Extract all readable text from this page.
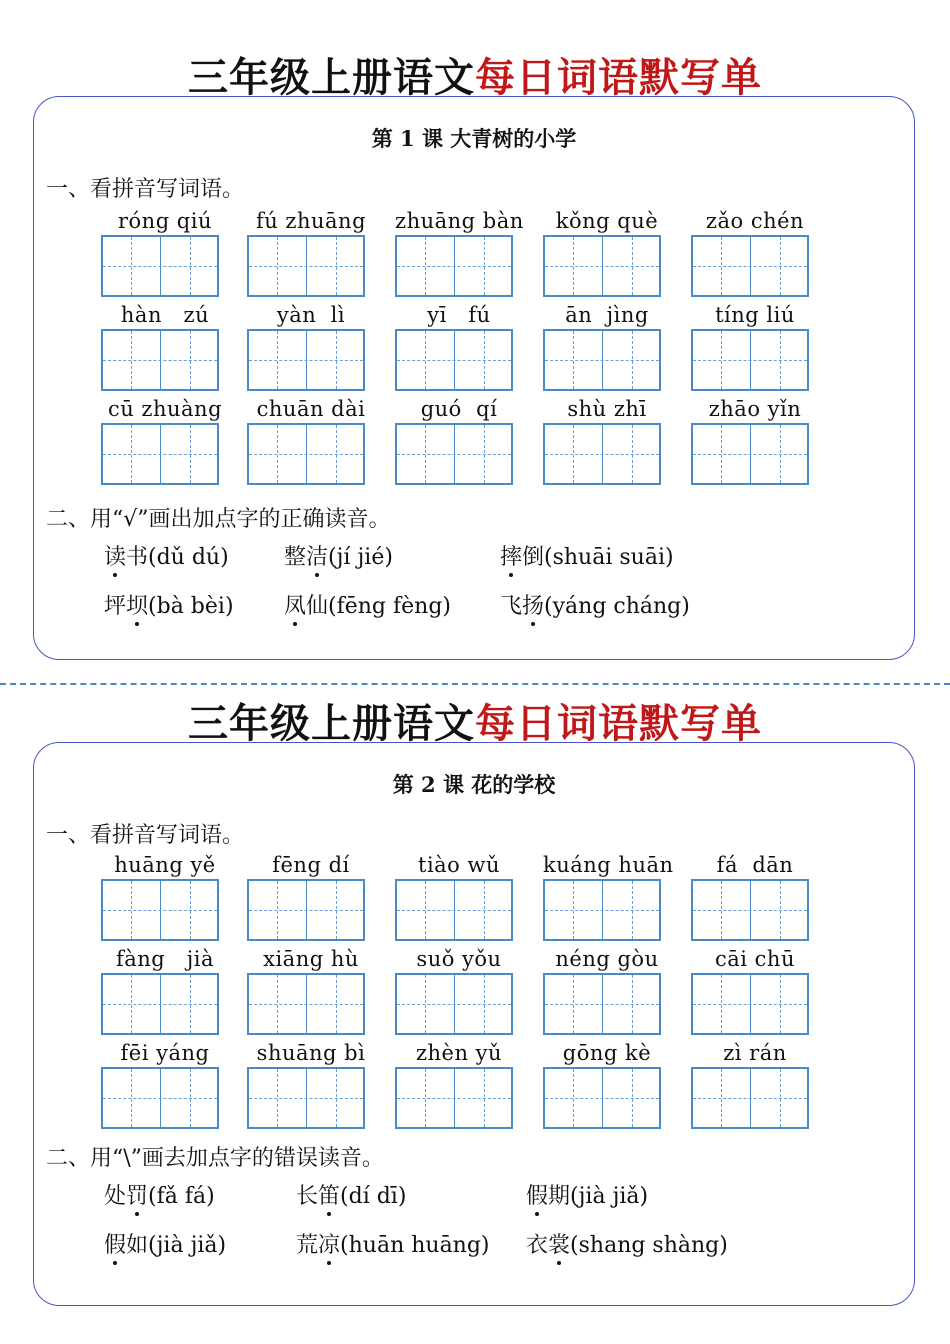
三年级上册语文每日词语默写单
第 1 课 大青树的小学
一、看拼音写词语。
róng qiú	fú zhuāng	zhuāng bàn	kǒng què	zǎo chén
hàn   zú	yàn  lì	yī   fú	ān  jìng	tíng liú
cū zhuàng	chuān dài	guó  qí	shù zhī	zhāo yǐn
二、用“√”画出加点字的正确读音。
读书(dǔ dú)	整洁(jí jié)	摔倒(shuāi suāi)
坪坝(bà bèi) 凤仙(fēng fèng) 飞扬(yáng cháng)
三年级上册语文每日词语默写单
第 2 课 花的学校
一、看拼音写词语。
huāng yě	fēng dí	tiào wǔ	kuáng huān	fá  dān
fàng   jià	xiāng hù	suǒ yǒu	néng gòu	cāi chū
fēi yáng	shuāng bì	zhèn yǔ	gōng kè	zì rán
二、用“\”画去加点字的错误读音。
处罚(fǎ fá)	长笛(dí dī)	假期(jià jiǎ)
假如(jià jiǎ)	荒凉(huān huāng) 衣裳(shang shàng)
